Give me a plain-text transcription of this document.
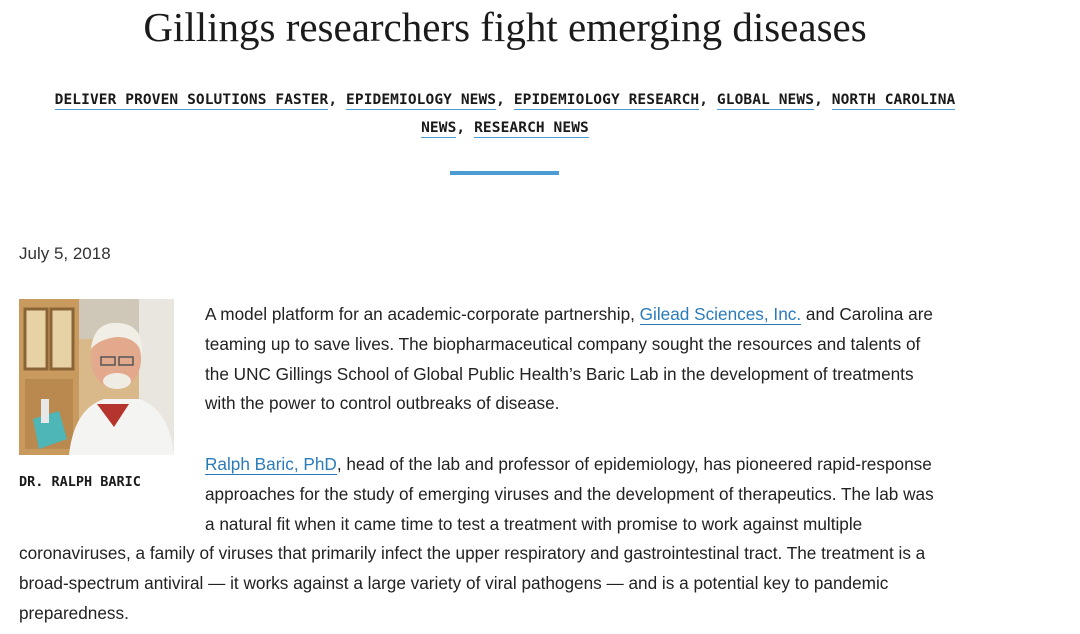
Gillings researchers fight emerging diseases
DELIVER PROVEN SOLUTIONS FASTER, EPIDEMIOLOGY NEWS, EPIDEMIOLOGY RESEARCH, GLOBAL NEWS, NORTH CAROLINA
NEWS, RESEARCH NEWS
July 5, 2018
DR. RALPH BARIC
A model platform for an academic-corporate partnership, Gilead Sciences, Inc. and Carolina are
teaming up to save lives. The biopharmaceutical company sought the resources and talents of
the UNC Gillings School of Global Public Health’s Baric Lab in the development of treatments
with the power to control outbreaks of disease.
Ralph Baric, PhD, head of the lab and professor of epidemiology, has pioneered rapid-response
approaches for the study of emerging viruses and the development of therapeutics. The lab was
a natural fit when it came time to test a treatment with promise to work against multiple
coronaviruses, a family of viruses that primarily infect the upper respiratory and gastrointestinal tract. The treatment is a
broad-spectrum antiviral — it works against a large variety of viral pathogens — and is a potential key to pandemic
preparedness.
